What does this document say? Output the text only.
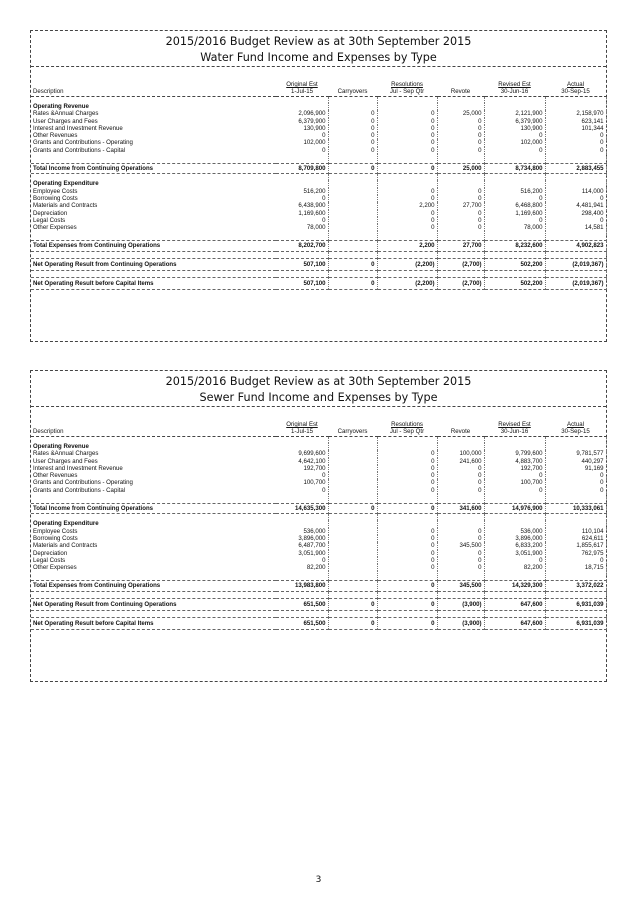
2015/2016 Budget Review as at 30th September 2015
Water Fund Income and Expenses by Type
	Original Est		Resolutions		Revised Est	Actual
Description	1-Jul-15	Carryovers	Jul - Sep Qtr	Revote	30-Jun-16	30-Sep-15

Operating Revenue						
Rates &Annual Charges	2,096,900	0	0	25,000	2,121,900	2,158,970
User Charges and Fees	6,379,900	0	0	0	6,379,900	623,141
Interest and Investment Revenue	130,900	0	0	0	130,900	101,344
Other Revenues	0	0	0	0	0	0
Grants and Contributions - Operating	102,000	0	0	0	102,000	0
Grants and Contributions - Capital	0	0	0	0	0	0

Total Income from Continuing Operations	8,709,800	0	0	25,000	8,734,800	2,883,455

Operating Expenditure						
Employee Costs	516,200		0	0	516,200	114,000
Borrowing Costs	0		0	0	0	0
Materials and Contracts	6,438,900		2,200	27,700	6,468,800	4,481,941
Depreciation	1,169,600		0	0	1,169,600	298,400
Legal Costs	0		0	0	0	0
Other Expenses	78,000		0	0	78,000	14,581

Total Expenses from Continuing Operations	8,202,700		2,200	27,700	8,232,600	4,902,823

Net Operating Result from Continuing Operations	507,100	0	(2,200)	(2,700)	502,200	(2,019,367)

Net Operating Result before Capital Items	507,100	0	(2,200)	(2,700)	502,200	(2,019,367)
2015/2016 Budget Review as at 30th September 2015
Sewer Fund Income and Expenses by Type
	Original Est		Resolutions		Revised Est	Actual
Description	1-Jul-15	Carryovers	Jul - Sep Qtr	Revote	30-Jun-16	30-Sep-15

Operating Revenue						
Rates &Annual Charges	9,699,600		0	100,000	9,799,600	9,781,577
User Charges and Fees	4,642,100		0	241,600	4,883,700	440,297
Interest and Investment Revenue	192,700		0	0	192,700	91,169
Other Revenues	0		0	0	0	0
Grants and Contributions - Operating	100,700		0	0	100,700	0
Grants and Contributions - Capital	0		0	0	0	0

Total Income from Continuing Operations	14,635,300	0	0	341,600	14,976,900	10,333,061

Operating Expenditure						
Employee Costs	536,000		0	0	536,000	110,104
Borrowing Costs	3,896,000		0	0	3,896,000	624,611
Materials and Contracts	6,487,700		0	345,500	6,833,200	1,855,617
Depreciation	3,051,900		0	0	3,051,900	762,975
Legal Costs	0		0	0	0	0
Other Expenses	82,200		0	0	82,200	18,715

Total Expenses from Continuing Operations	13,983,800		0	345,500	14,329,300	3,372,022

Net Operating Result from Continuing Operations	651,500	0	0	(3,900)	647,600	6,931,039

Net Operating Result before Capital Items	651,500	0	0	(3,900)	647,600	6,931,039
3
